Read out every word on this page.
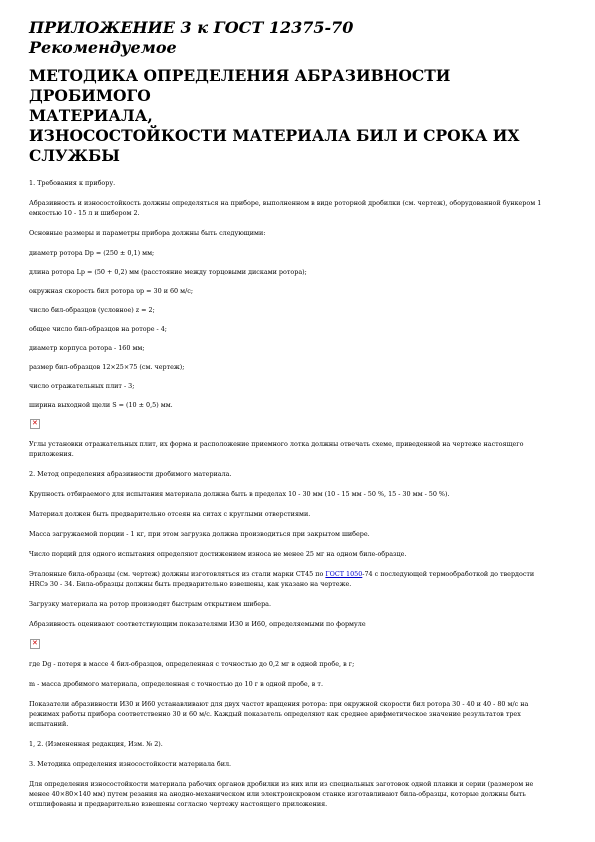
ПРИЛОЖЕНИЕ 3 к ГОСТ 12375-70

Рекомендуемое

МЕТОДИКА ОПРЕДЕЛЕНИЯ АБРАЗИВНОСТИ ДРОБИМОГО
МАТЕРИАЛА,
ИЗНОСОСТОЙКОСТИ МАТЕРИАЛА БИЛ И СРОКА ИХ
СЛУЖБЫ

1. Требования к прибору.

Абразивность и износостойкость должны определяться на приборе, выполненном в виде роторной дробилки (см. чертеж), оборудованной бункером 1 емкостью 10 - 15 л и шибером 2.

Основные размеры и параметры прибора должны быть следующими:

диаметр ротора Dp = (250 ± 0,1) мм;

длина ротора Lp = (50 + 0,2) мм (расстояние между торцовыми дисками ротора);

окружная скорость бил ротора υp = 30 и 60 м/с;

число бил-образцов (условное) z = 2;

общее число бил-образцов на роторе - 4;

диаметр корпуса ротора - 160 мм;

размер бил-образцов 12×25×75 (см. чертеж);

число отражательных плит - 3;

ширина выходной щели S = (10 ± 0,5) мм.

✕

Углы установки отражательных плит, их форма и расположение приемного лотка должны отвечать схеме, приведенной на чертеже настоящего приложения.

2. Метод определения абразивности дробимого материала.

Крупность отбираемого для испытания материала должна быть в пределах 10 - 30 мм (10 - 15 мм - 50 %, 15 - 30 мм - 50 %).

Материал должен быть предварительно отсеян на ситах с круглыми отверстиями.

Масса загружаемой порции - 1 кг, при этом загрузка должна производиться при закрытом шибере.

Число порций для одного испытания определяют достижением износа не менее 25 мг на одном биле-образце.

Эталонные била-образцы (см. чертеж) должны изготовляться из стали марки СТ45 по ГОСТ 1050-74 с последующей термообработкой до твердости HRCэ 30 - 34. Била-образцы должны быть предварительно взвешены, как указано на чертеже.

Загрузку материала на ротор производят быстрым открытием шибера.

Абразивность оценивают соответствующим показателями И30 и И60, определяемыми по формуле

✕

где Dg - потеря в массе 4 бил-образцов, определенная с точностью до 0,2 мг в одной пробе, в г;

m - масса дробимого материала, определенная с точностью до 10 г в одной пробе, в т.

Показатели абразивности И30 и И60 устанавливают для двух частот вращения ротора: при окружной скорости бил ротора 30 - 40 и 40 - 80 м/с на режимах работы прибора соответственно 30 и 60 м/с. Каждый показатель определяют как среднее арифметическое значение результатов трех испытаний.

1, 2. (Измененная редакция, Изм. № 2).

3. Методика определения износостойкости материала бил.

Для определения износостойкости материала рабочих органов дробилки из них или из специальных заготовок одной плавки и серии (размером не менее 40×80×140 мм) путем резания на анодно-механическом или электроискровом станке изготавливают била-образцы, которые должны быть отшлифованы и предварительно взвешены согласно чертежу настоящего приложения.
